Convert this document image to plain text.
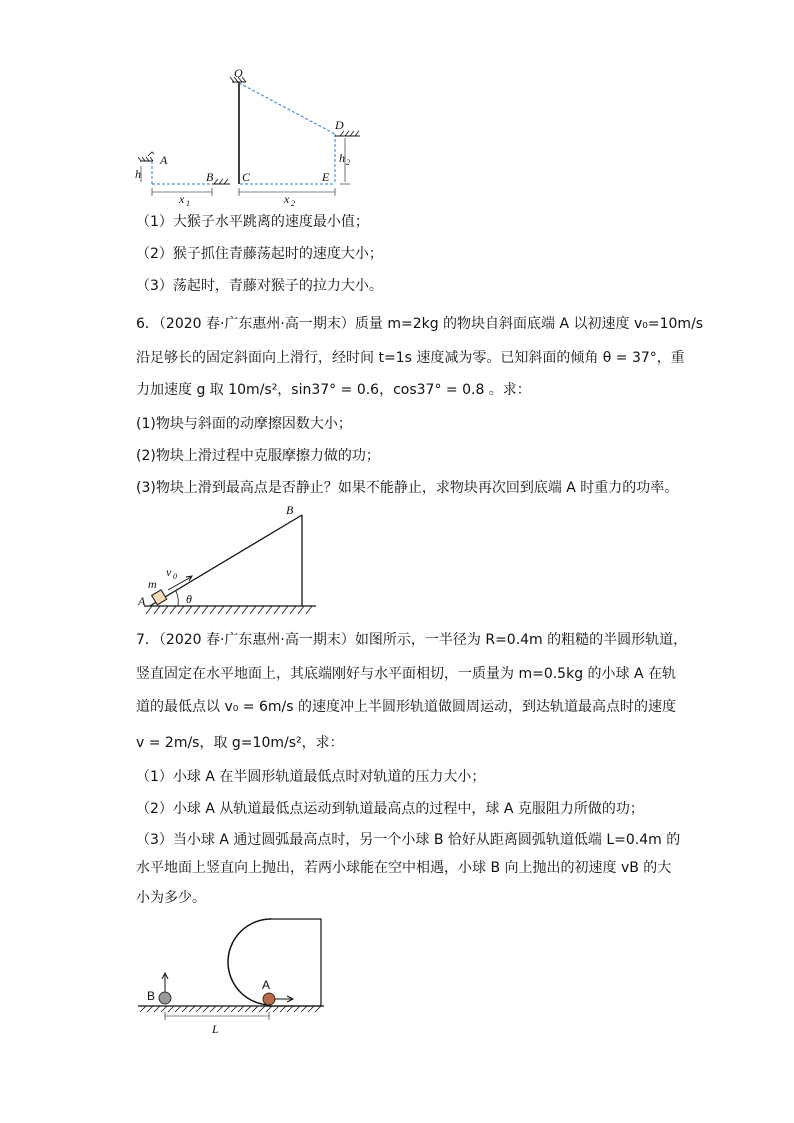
O
D
A
B C	E
h
h 2
x 1	x 2
（1）大猴子水平跳离的速度最小值；
（2）猴子抓住青藤荡起时的速度大小；
（3）荡起时，青藤对猴子的拉力大小。
6．（2020 春·广东惠州·高一期末）质量 m=2kg 的物块自斜面底端 A 以初速度 v₀=10m/s
沿足够长的固定斜面向上滑行，经时间 t=1s 速度减为零。已知斜面的倾角 θ = 37°，重
力加速度 g 取 10m/s²，sin37° = 0.6，cos37° = 0.8 。求：
(1)物块与斜面的动摩擦因数大小；
(2)物块上滑过程中克服摩擦力做的功；
(3)物块上滑到最高点是否静止？如果不能静止，求物块再次回到底端 A 时重力的功率。
B
A
m
v 0
θ
7．（2020 春·广东惠州·高一期末）如图所示，一半径为 R=0.4m 的粗糙的半圆形轨道，
竖直固定在水平地面上，其底端刚好与水平面相切，一质量为 m=0.5kg 的小球 A 在轨
道的最低点以 v₀ = 6m/s 的速度冲上半圆形轨道做圆周运动，到达轨道最高点时的速度
v = 2m/s，取 g=10m/s²，求：
（1）小球 A 在半圆形轨道最低点时对轨道的压力大小；
（2）小球 A 从轨道最低点运动到轨道最高点的过程中，球 A 克服阻力所做的功；
（3）当小球 A 通过圆弧最高点时，另一个小球 B 恰好从距离圆弧轨道低端 L=0.4m 的
水平地面上竖直向上抛出，若两小球能在空中相遇，小球 B 向上抛出的初速度 vB 的大
小为多少。
B
A
L
